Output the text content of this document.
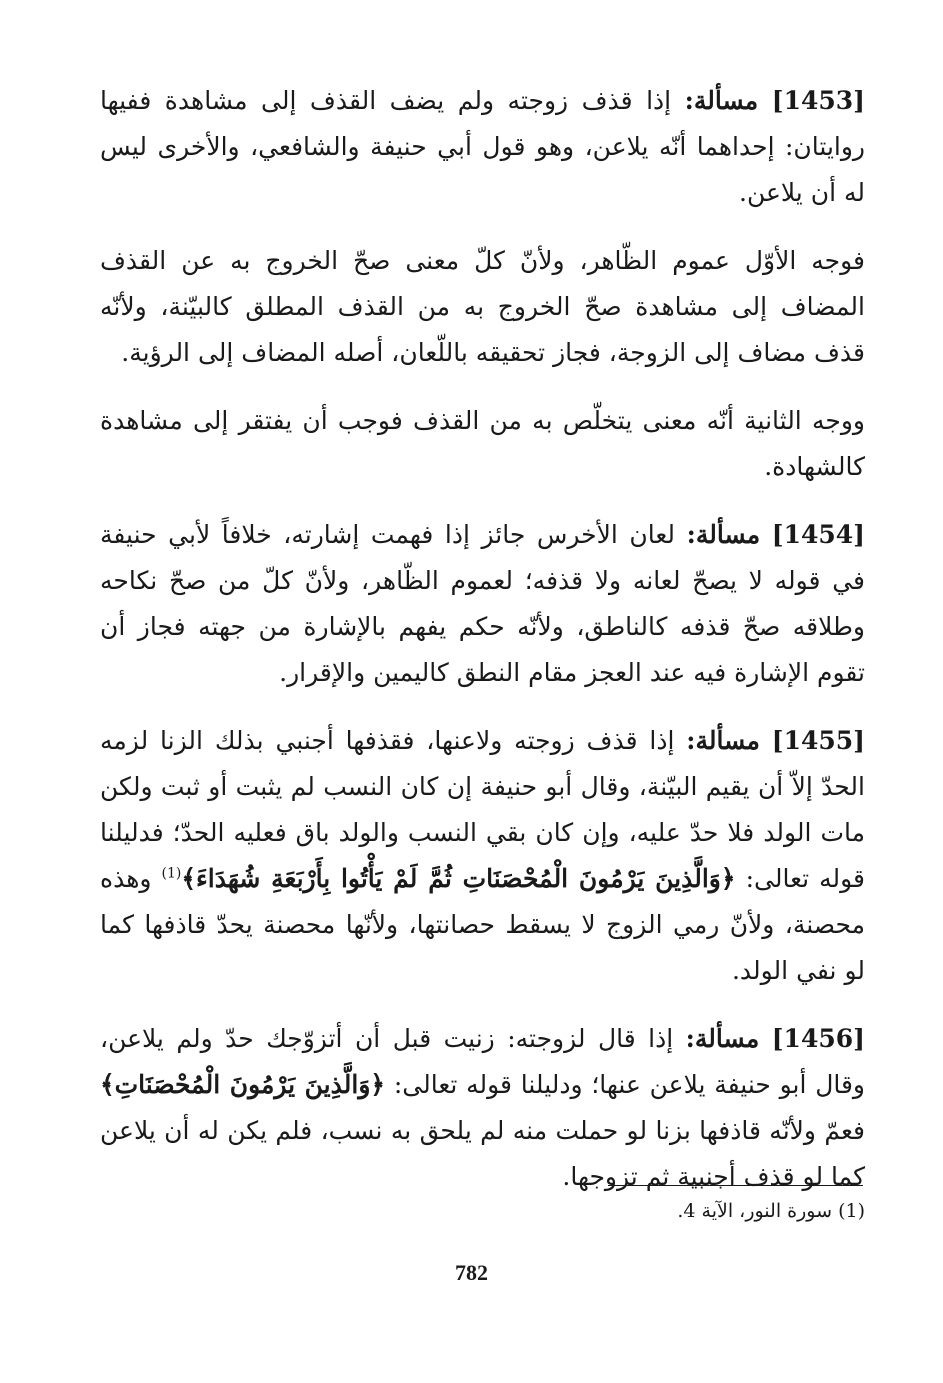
[1453] مسألة: إذا قذف زوجته ولم يضف القذف إلى مشاهدة ففيها روايتان: إحداهما أنّه يلاعن، وهو قول أبي حنيفة والشافعي، والأخرى ليس له أن يلاعن.

فوجه الأوّل عموم الظّاهر، ولأنّ كلّ معنى صحّ الخروج به عن القذف المضاف إلى مشاهدة صحّ الخروج به من القذف المطلق كالبيّنة، ولأنّه قذف مضاف إلى الزوجة، فجاز تحقيقه باللّعان، أصله المضاف إلى الرؤية.

ووجه الثانية أنّه معنى يتخلّص به من القذف فوجب أن يفتقر إلى مشاهدة كالشهادة.

[1454] مسألة: لعان الأخرس جائز إذا فهمت إشارته، خلافاً لأبي حنيفة في قوله لا يصحّ لعانه ولا قذفه؛ لعموم الظّاهر، ولأنّ كلّ من صحّ نكاحه وطلاقه صحّ قذفه كالناطق، ولأنّه حكم يفهم بالإشارة من جهته فجاز أن تقوم الإشارة فيه عند العجز مقام النطق كاليمين والإقرار.

[1455] مسألة: إذا قذف زوجته ولاعنها، فقذفها أجنبي بذلك الزنا لزمه الحدّ إلاّ أن يقيم البيّنة، وقال أبو حنيفة إن كان النسب لم يثبت أو ثبت ولكن مات الولد فلا حدّ عليه، وإن كان بقي النسب والولد باق فعليه الحدّ؛ فدليلنا قوله تعالى: ﴿وَالَّذِينَ يَرْمُونَ الْمُحْصَنَاتِ ثُمَّ لَمْ يَأْتُوا بِأَرْبَعَةِ شُهَدَاءَ﴾$^{(1)}$ وهذه محصنة، ولأنّ رمي الزوج لا يسقط حصانتها، ولأنّها محصنة يحدّ قاذفها كما لو نفي الولد.

[1456] مسألة: إذا قال لزوجته: زنيت قبل أن أتزوّجك حدّ ولم يلاعن، وقال أبو حنيفة يلاعن عنها؛ ودليلنا قوله تعالى: ﴿وَالَّذِينَ يَرْمُونَ الْمُحْصَنَاتِ﴾ فعمّ ولأنّه قاذفها بزنا لو حملت منه لم يلحق به نسب، فلم يكن له أن يلاعن كما لو قذف أجنبية ثم تزوجها.

(1) سورة النور، الآية 4.
782
